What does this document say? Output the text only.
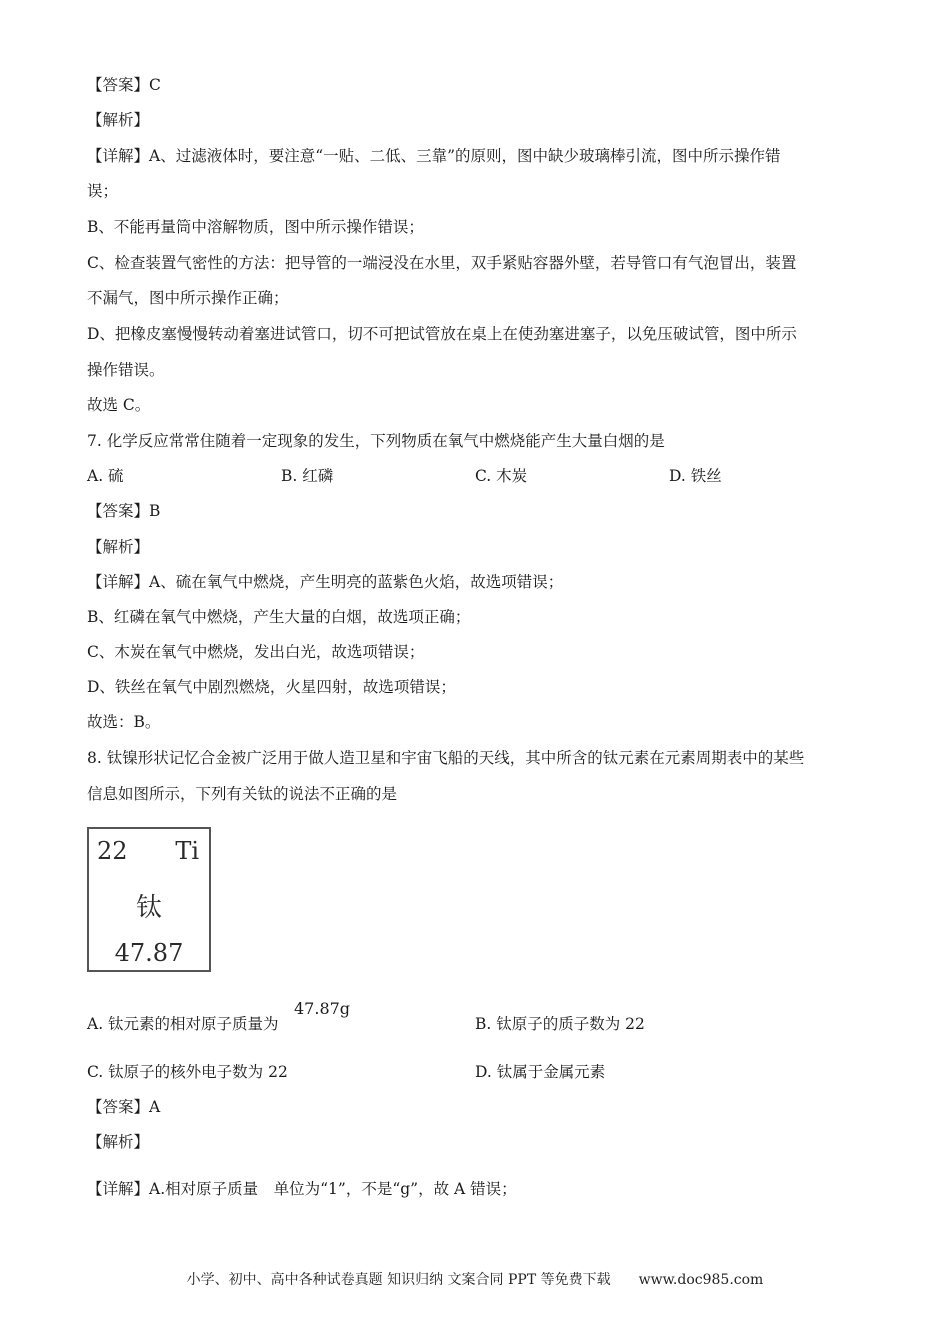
【答案】C
【解析】
【详解】A、过滤液体时，要注意“一贴、二低、三靠”的原则，图中缺少玻璃棒引流，图中所示操作错
误；
B、不能再量筒中溶解物质，图中所示操作错误；
C、检查装置气密性的方法：把导管的一端浸没在水里，双手紧贴容器外壁，若导管口有气泡冒出，装置
不漏气，图中所示操作正确；
D、把橡皮塞慢慢转动着塞进试管口，切不可把试管放在桌上在使劲塞进塞子，以免压破试管，图中所示
操作错误。
故选 C。
7. 化学反应常常住随着一定现象的发生，下列物质在氧气中燃烧能产生大量白烟的是
A. 硫	B. 红磷	C. 木炭	D. 铁丝
【答案】B
【解析】
【详解】A、硫在氧气中燃烧，产生明亮的蓝紫色火焰，故选项错误；
B、红磷在氧气中燃烧，产生大量的白烟，故选项正确；
C、木炭在氧气中燃烧，发出白光，故选项错误；
D、铁丝在氧气中剧烈燃烧，火星四射，故选项错误；
故选：B。
8. 钛镍形状记忆合金被广泛用于做人造卫星和宇宙飞船的天线，其中所含的钛元素在元素周期表中的某些
信息如图所示，下列有关钛的说法不正确的是
22 Ti
钛
47.87
A. 钛元素的相对原子质量为
47.87g
B. 钛原子的质子数为 22
C. 钛原子的核外电子数为 22	D. 钛属于金属元素
【答案】A
【解析】
【详解】A.相对原子质量　单位为“1”，不是“g”，故 A 错误；
小学、初中、高中各种试卷真题 知识归纳 文案合同 PPT 等免费下载　　www.doc985.com
